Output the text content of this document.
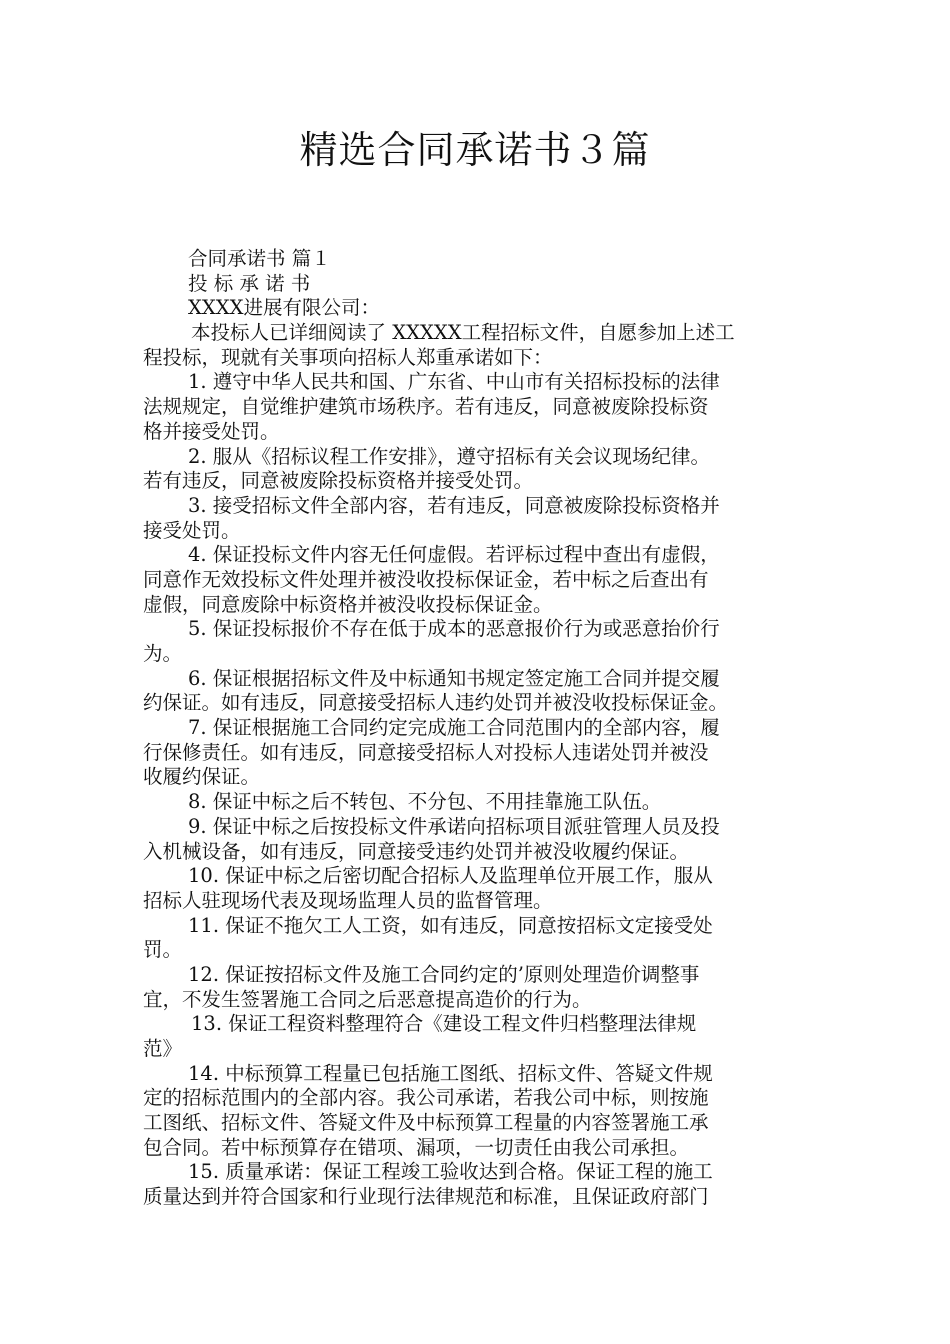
精选合同承诺书３篇
合同承诺书 篇１
投 标 承 诺 书
XXXX进展有限公司：
本投标人已详细阅读了 XXXXX工程招标文件，自愿参加上述工
程投标，现就有关事项向招标人郑重承诺如下：
1. 遵守中华人民共和国、广东省、中山市有关招标投标的法律
法规规定，自觉维护建筑市场秩序。若有违反，同意被废除投标资
格并接受处罚。
2. 服从《招标议程工作安排》，遵守招标有关会议现场纪律。
若有违反，同意被废除投标资格并接受处罚。
3. 接受招标文件全部内容，若有违反，同意被废除投标资格并
接受处罚。
4. 保证投标文件内容无任何虚假。若评标过程中查出有虚假，
同意作无效投标文件处理并被没收投标保证金，若中标之后查出有
虚假，同意废除中标资格并被没收投标保证金。
5. 保证投标报价不存在低于成本的恶意报价行为或恶意抬价行
为。
6. 保证根据招标文件及中标通知书规定签定施工合同并提交履
约保证。如有违反，同意接受招标人违约处罚并被没收投标保证金。
7. 保证根据施工合同约定完成施工合同范围内的全部内容，履
行保修责任。如有违反，同意接受招标人对投标人违诺处罚并被没
收履约保证。
8. 保证中标之后不转包、不分包、不用挂靠施工队伍。
9. 保证中标之后按投标文件承诺向招标项目派驻管理人员及投
入机械设备，如有违反，同意接受违约处罚并被没收履约保证。
10. 保证中标之后密切配合招标人及监理单位开展工作，服从
招标人驻现场代表及现场监理人员的监督管理。
11. 保证不拖欠工人工资，如有违反，同意按招标文定接受处
罚。
12. 保证按招标文件及施工合同约定的’原则处理造价调整事
宜，不发生签署施工合同之后恶意提高造价的行为。
13. 保证工程资料整理符合《建设工程文件归档整理法律规
范》
14. 中标预算工程量已包括施工图纸、招标文件、答疑文件规
定的招标范围内的全部内容。我公司承诺，若我公司中标，则按施
工图纸、招标文件、答疑文件及中标预算工程量的内容签署施工承
包合同。若中标预算存在错项、漏项，一切责任由我公司承担。
15. 质量承诺：保证工程竣工验收达到合格。保证工程的施工
质量达到并符合国家和行业现行法律规范和标准，且保证政府部门
